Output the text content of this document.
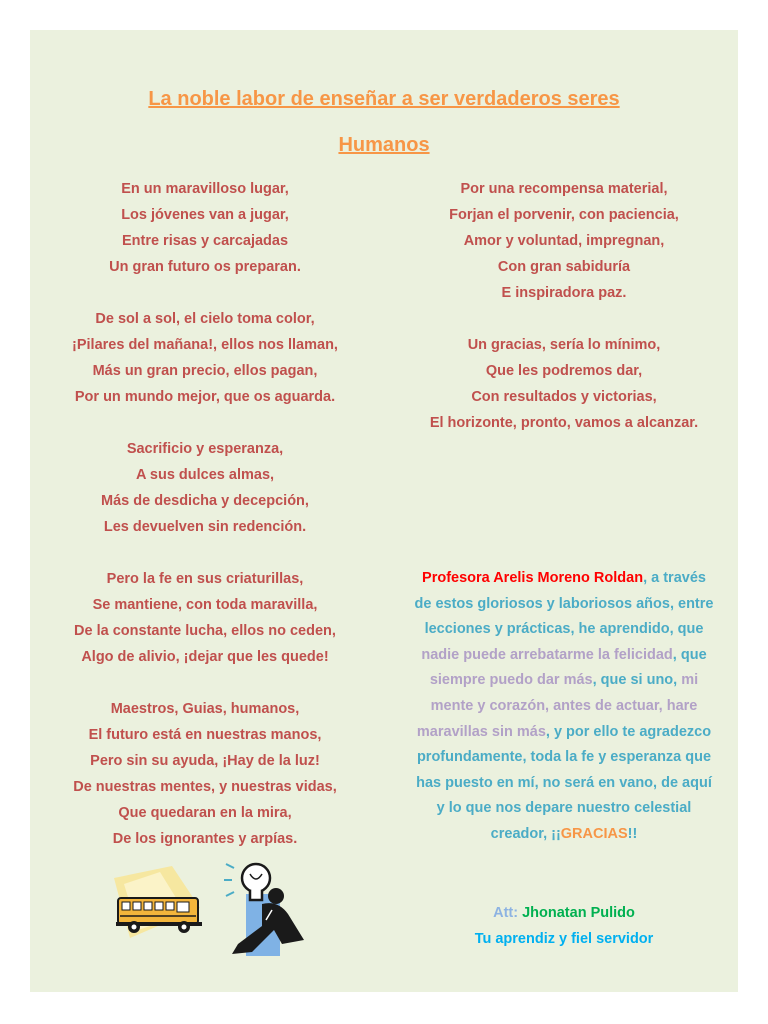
La noble labor de enseñar a ser verdaderos seres
Humanos
En un maravilloso lugar,
Los jóvenes van a jugar,
Entre risas y carcajadas
Un gran futuro os preparan.
De sol a sol, el cielo toma color,
¡Pilares del mañana!, ellos nos llaman,
Más un gran precio, ellos pagan,
Por un mundo mejor, que os aguarda.
Sacrificio y esperanza,
A sus dulces almas,
Más de desdicha y decepción,
Les devuelven sin redención.
Pero la fe en sus criaturillas,
Se mantiene, con toda maravilla,
De la constante lucha, ellos no ceden,
Algo de alivio, ¡dejar que les quede!
Maestros, Guias, humanos,
El futuro está en nuestras manos,
Pero sin su ayuda, ¡Hay de la luz!
De nuestras mentes, y nuestras vidas,
Que quedaran en la mira,
De los ignorantes y arpías.
Por una recompensa material,
Forjan el porvenir, con paciencia,
Amor y voluntad, impregnan,
Con gran sabiduría
E inspiradora paz.
Un gracias, sería lo mínimo,
Que les podremos dar,
Con resultados y victorias,
El horizonte, pronto, vamos a alcanzar.
Profesora Arelis Moreno Roldan, a través
de estos gloriosos y laboriosos años, entre
lecciones y prácticas, he aprendido, que
nadie puede arrebatarme la felicidad, que
siempre puedo dar más, que si uno, mi
mente y corazón, antes de actuar, hare
maravillas sin más, y por ello te agradezco
profundamente, toda la fe y esperanza que
has puesto en mí, no será en vano, de aquí
y lo que nos depare nuestro celestial
creador, ¡¡GRACIAS!!
Att: Jhonatan Pulido
Tu aprendiz y fiel servidor
